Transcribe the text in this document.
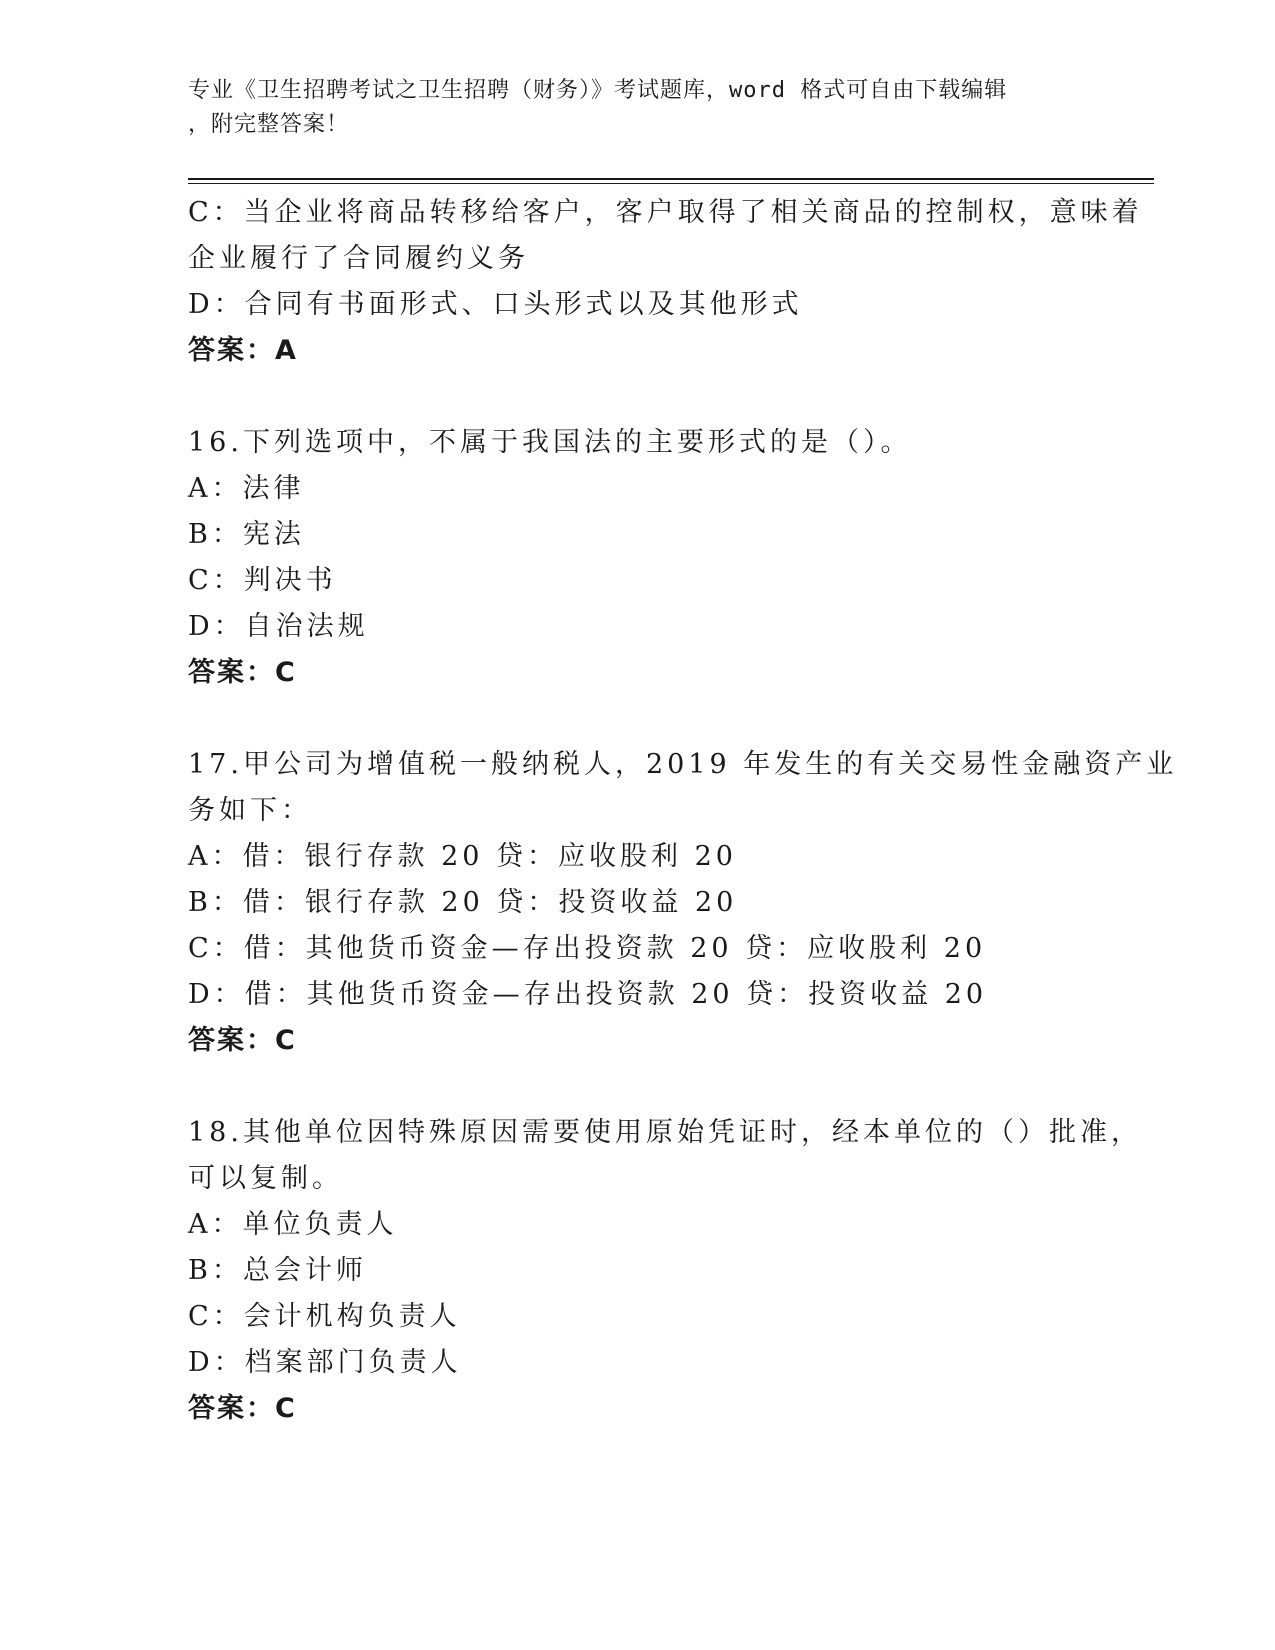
专业《卫生招聘考试之卫生招聘（财务）》考试题库，word 格式可自由下载编辑
，附完整答案！
C：当企业将商品转移给客户，客户取得了相关商品的控制权，意味着
企业履行了合同履约义务
D：合同有书面形式、口头形式以及其他形式
答案：A
16.下列选项中，不属于我国法的主要形式的是（）。
A：法律
B：宪法
C：判决书
D：自治法规
答案：C
17.甲公司为增值税一般纳税人，2019 年发生的有关交易性金融资产业
务如下：
A：借：银行存款 20 贷：应收股利 20
B：借：银行存款 20 贷：投资收益 20
C：借：其他货币资金—存出投资款 20 贷：应收股利 20
D：借：其他货币资金—存出投资款 20 贷：投资收益 20
答案：C
18.其他单位因特殊原因需要使用原始凭证时，经本单位的（）批准，
可以复制。
A：单位负责人
B：总会计师
C：会计机构负责人
D：档案部门负责人
答案：C
